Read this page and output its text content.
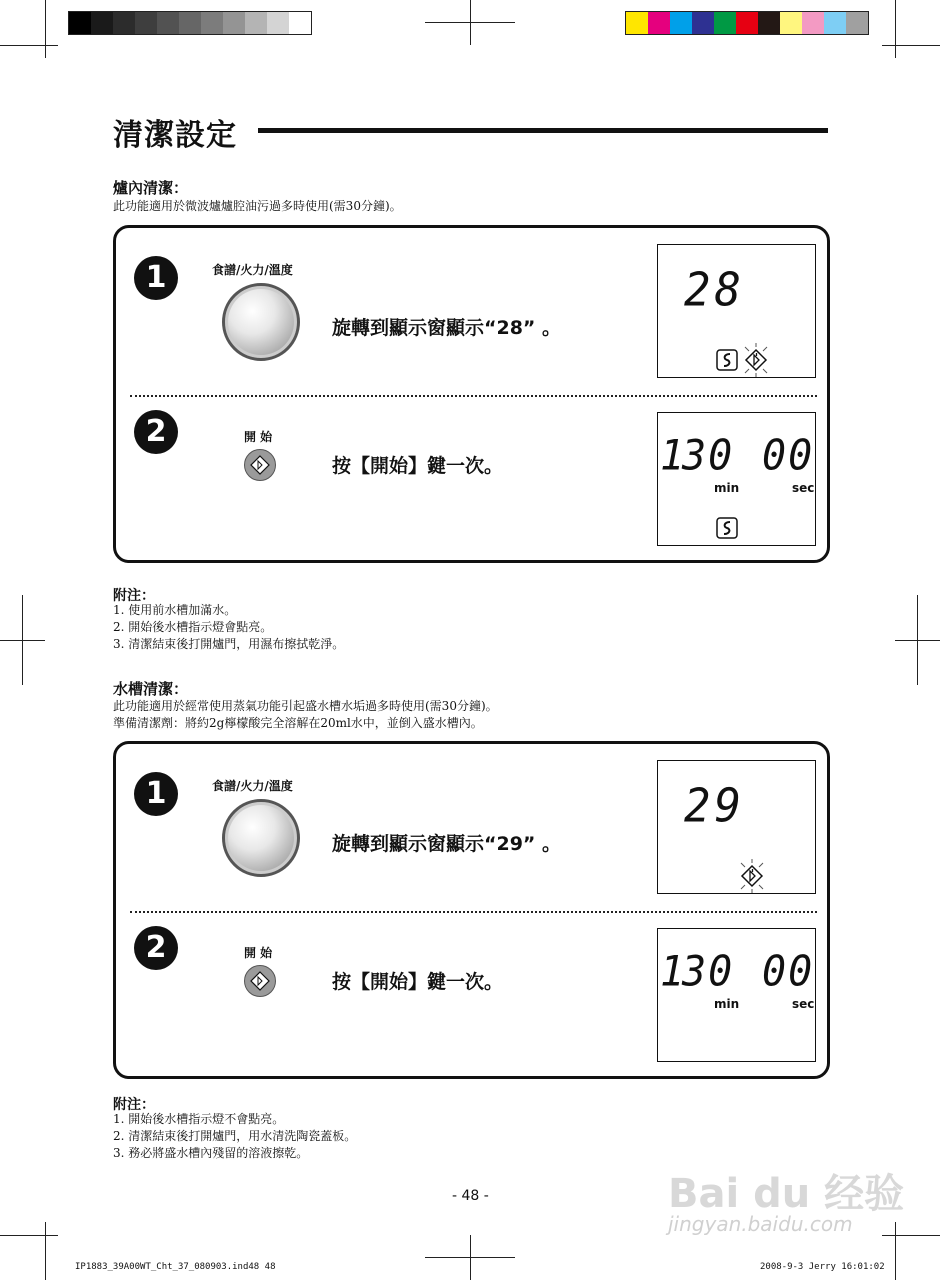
清潔設定
爐內清潔：
此功能適用於微波爐爐腔油污過多時使用(需30分鐘)。
1	食譜/火力/溫度
旋轉到顯示窗顯示“28” 。
28
2	開 始
按【開始】鍵一次。	1
30 00
min	sec
附注：
1. 使用前水槽加滿水。
2. 開始後水槽指示燈會點亮。
3. 清潔結束後打開爐門，用濕布擦拭乾淨。
水槽清潔：
此功能適用於經常使用蒸氣功能引起盛水槽水垢過多時使用(需30分鐘)。
準備清潔劑：將約2g檸檬酸完全溶解在20ml水中，並倒入盛水槽內。
1	食譜/火力/溫度
旋轉到顯示窗顯示“29” 。
29
2	開 始
按【開始】鍵一次。	1
30 00
min	sec
附注：
1. 開始後水槽指示燈不會點亮。
2. 清潔結束後打開爐門，用水清洗陶瓷蓋板。
3. 務必將盛水槽內殘留的溶液擦乾。
- 48 -	Bai du 经验
jingyan.baidu.com
IP1883_39A00WT_Cht_37_080903.ind48 48	2008-9-3 Jerry 16:01:02
